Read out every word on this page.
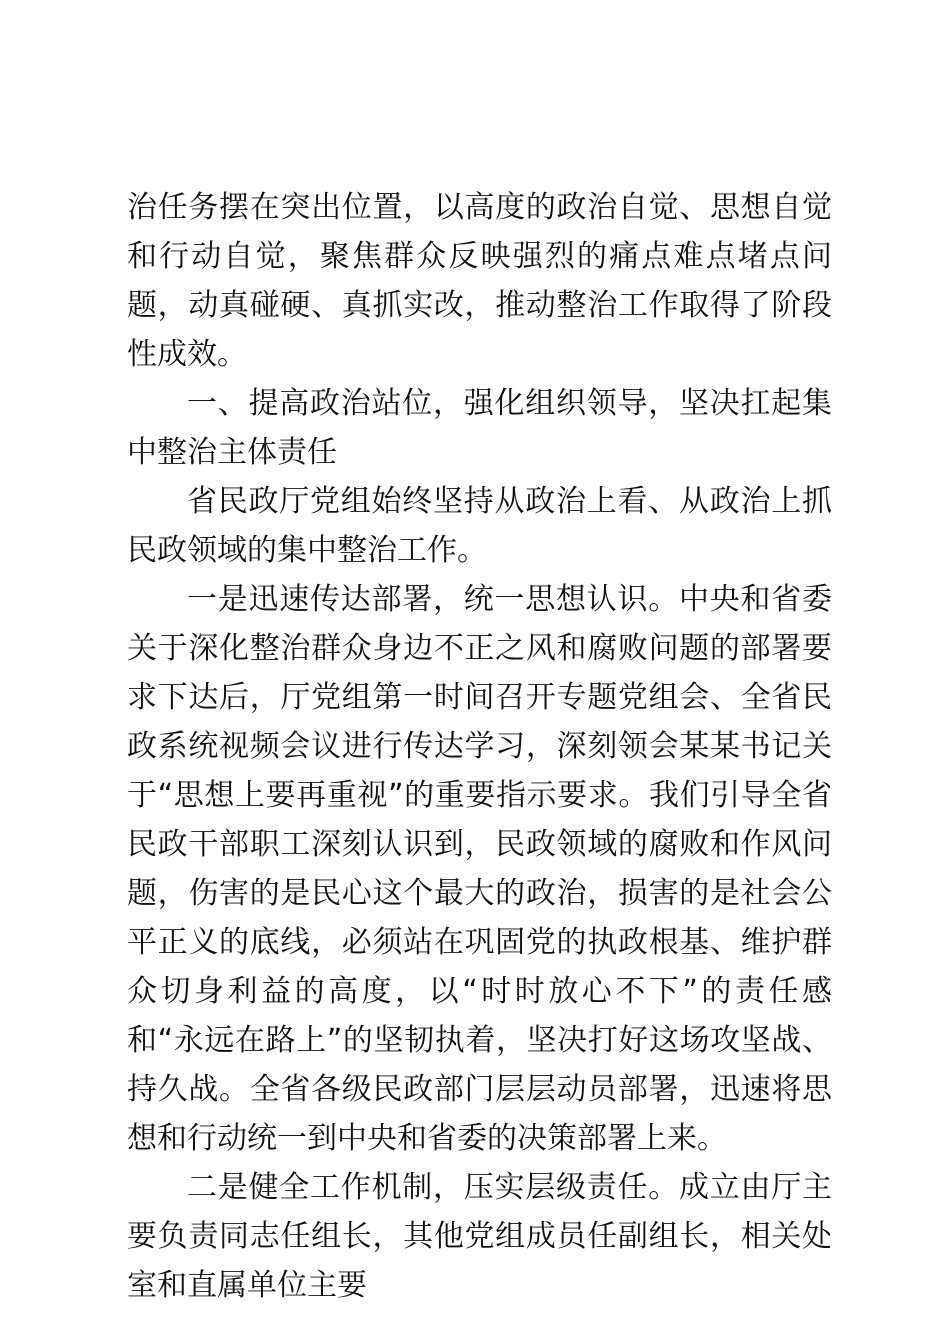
治任务摆在突出位置，以高度的政治自觉、思想自觉和行动自觉，聚焦群众反映强烈的痛点难点堵点问题，动真碰硬、真抓实改，推动整治工作取得了阶段性成效。

一、提高政治站位，强化组织领导，坚决扛起集中整治主体责任

省民政厅党组始终坚持从政治上看、从政治上抓民政领域的集中整治工作。

一是迅速传达部署，统一思想认识。中央和省委关于深化整治群众身边不正之风和腐败问题的部署要求下达后，厅党组第一时间召开专题党组会、全省民政系统视频会议进行传达学习，深刻领会某某书记关于“思想上要再重视”的重要指示要求。我们引导全省民政干部职工深刻认识到，民政领域的腐败和作风问题，伤害的是民心这个最大的政治，损害的是社会公平正义的底线，必须站在巩固党的执政根基、维护群众切身利益的高度，以“时时放心不下”的责任感和“永远在路上”的坚韧执着，坚决打好这场攻坚战、持久战。全省各级民政部门层层动员部署，迅速将思想和行动统一到中央和省委的决策部署上来。

二是健全工作机制，压实层级责任。成立由厅主要负责同志任组长，其他党组成员任副组长，相关处室和直属单位主要
